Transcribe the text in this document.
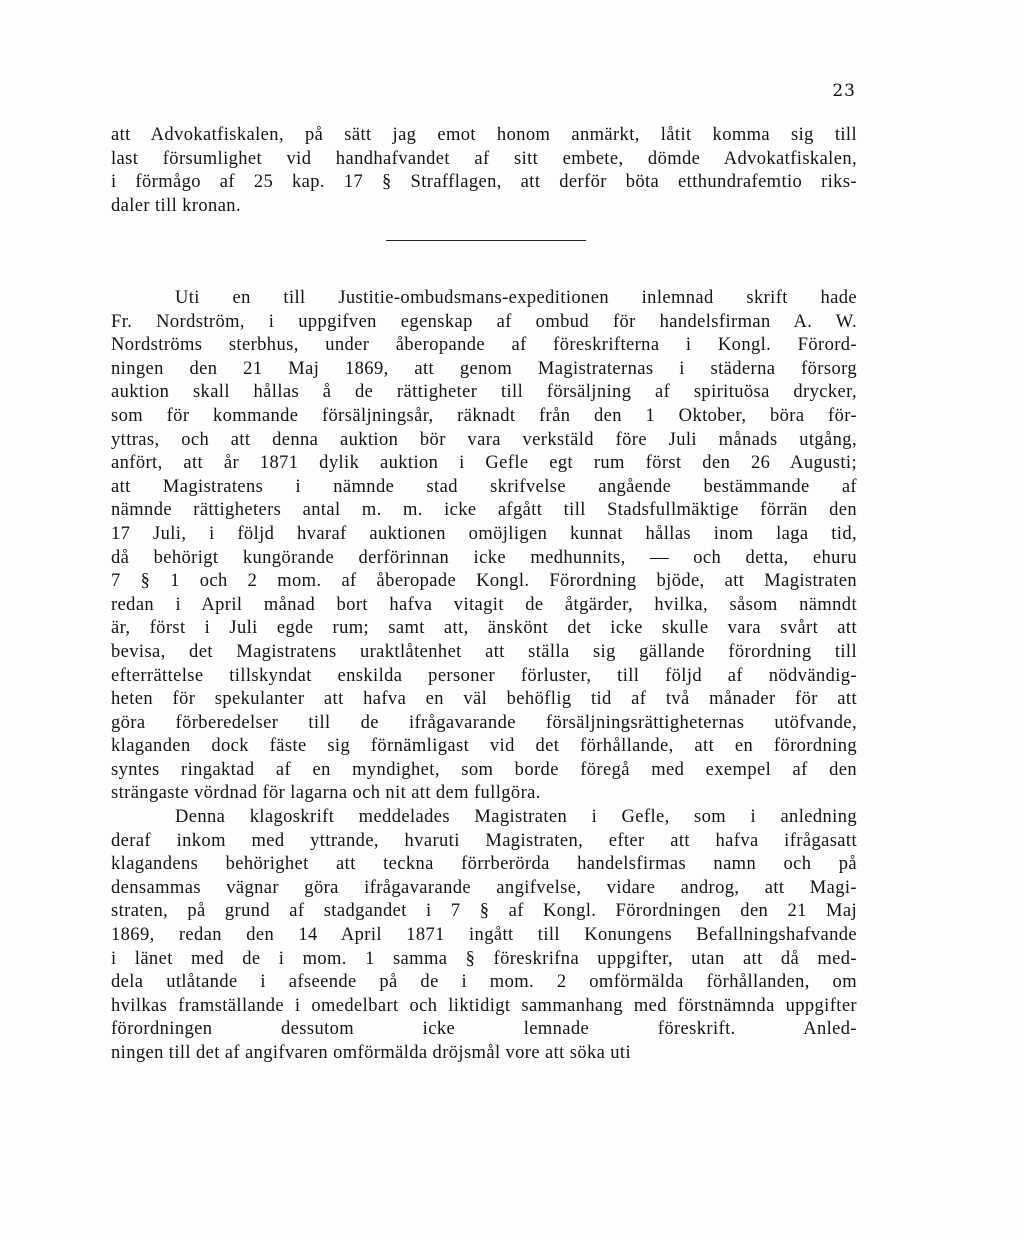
23
att Advokatfiskalen, på sätt jag emot honom anmärkt, låtit komma sig till
last försumlighet vid handhafvandet af sitt embete, dömde Advokatfiskalen,
i förmågo af 25 kap. 17 § Strafflagen, att derför böta etthundrafemtio riks-
daler till kronan.
Uti en till Justitie-ombudsmans-expeditionen inlemnad skrift hade
Fr. Nordström, i uppgifven egenskap af ombud för handelsfirman A. W.
Nordströms sterbhus, under åberopande af föreskrifterna i Kongl. Förord-
ningen den 21 Maj 1869, att genom Magistraternas i städerna försorg
auktion skall hållas å de rättigheter till försäljning af spirituösa drycker,
som för kommande försäljningsår, räknadt från den 1 Oktober, böra för-
yttras, och att denna auktion bör vara verkstäld före Juli månads utgång,
anfört, att år 1871 dylik auktion i Gefle egt rum först den 26 Augusti;
att Magistratens i nämnde stad skrifvelse angående bestämmande af
nämnde rättigheters antal m. m. icke afgått till Stadsfullmäktige förrän den
17 Juli, i följd hvaraf auktionen omöjligen kunnat hållas inom laga tid,
då behörigt kungörande derförinnan icke medhunnits, — och detta, ehuru
7 § 1 och 2 mom. af åberopade Kongl. Förordning bjöde, att Magistraten
redan i April månad bort hafva vitagit de åtgärder, hvilka, såsom nämndt
är, först i Juli egde rum; samt att, änskönt det icke skulle vara svårt att
bevisa, det Magistratens uraktlåtenhet att ställa sig gällande förordning till
efterrättelse tillskyndat enskilda personer förluster, till följd af nödvändig-
heten för spekulanter att hafva en väl behöflig tid af två månader för att
göra förberedelser till de ifrågavarande försäljningsrättigheternas utöfvande,
klaganden dock fäste sig förnämligast vid det förhållande, att en förordning
syntes ringaktad af en myndighet, som borde föregå med exempel af den
strängaste vördnad för lagarna och nit att dem fullgöra.
Denna klagoskrift meddelades Magistraten i Gefle, som i anledning
deraf inkom med yttrande, hvaruti Magistraten, efter att hafva ifrågasatt
klagandens behörighet att teckna förrberörda handelsfirmas namn och på
densammas vägnar göra ifrågavarande angifvelse, vidare androg, att Magi-
straten, på grund af stadgandet i 7 § af Kongl. Förordningen den 21 Maj
1869, redan den 14 April 1871 ingått till Konungens Befallningshafvande
i länet med de i mom. 1 samma § föreskrifna uppgifter, utan att då med-
dela utlåtande i afseende på de i mom. 2 omförmälda förhållanden, om
hvilkas framställande i omedelbart och liktidigt sammanhang med förstnämnda uppgifter förordningen dessutom icke lemnade föreskrift. Anled-
ningen till det af angifvaren omförmälda dröjsmål vore att söka uti
